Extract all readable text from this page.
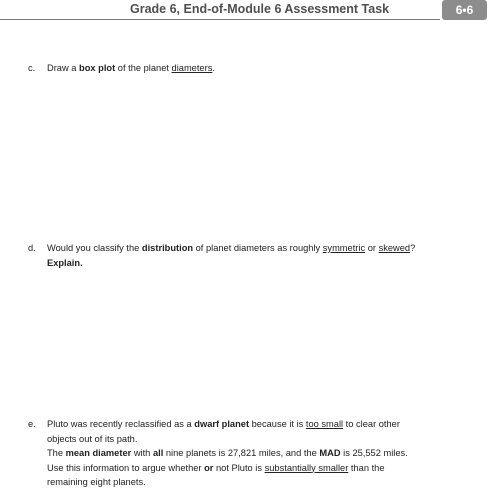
Grade 6, End-of-Module 6 Assessment Task	6•6
c. Draw a box plot of the planet diameters.

d. Would you classify the distribution of planet diameters as roughly symmetric or skewed?

Explain.

e. Pluto was recently reclassified as a dwarf planet because it is too small to clear other

objects out of its path.

The mean diameter with all nine planets is 27,821 miles, and the MAD is 25,552 miles.

Use this information to argue whether or not Pluto is substantially smaller than the

remaining eight planets.
